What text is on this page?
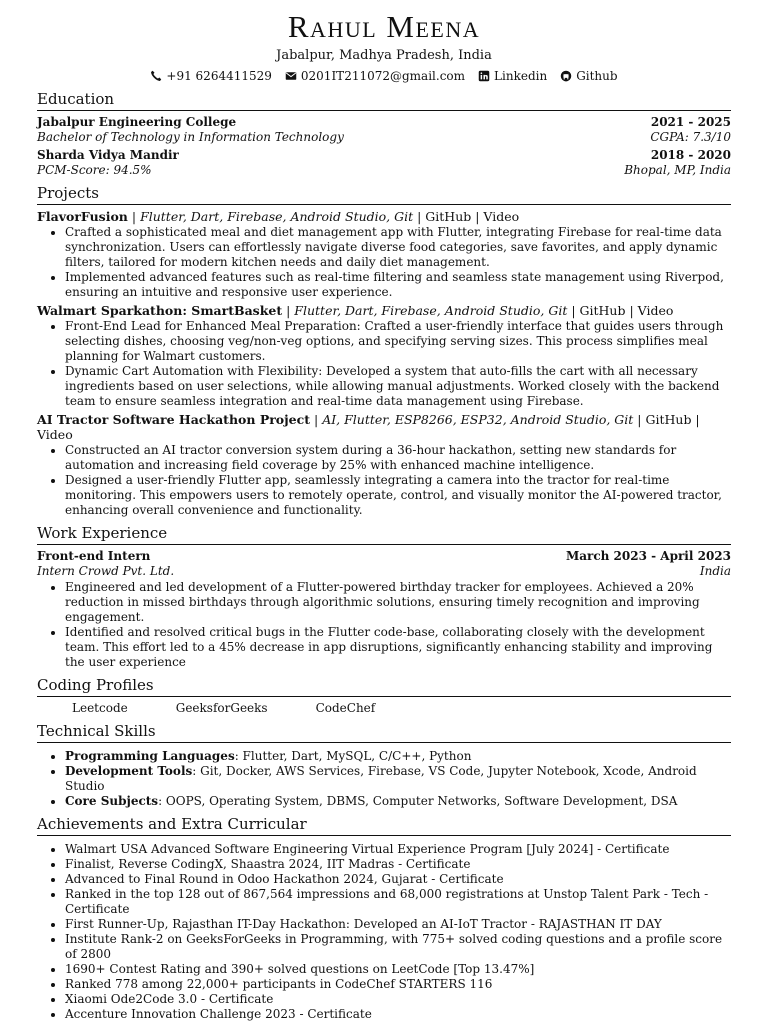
Rahul Meena
Jabalpur, Madhya Pradesh, India
+91 6264411529 0201IT211072@gmail.com Linkedin Github
Education
Jabalpur Engineering College	2021 - 2025
Bachelor of Technology in Information Technology	CGPA: 7.3/10
Sharda Vidya Mandir	2018 - 2020
PCM-Score: 94.5%	Bhopal, MP, India
Projects
FlavorFusion | Flutter, Dart, Firebase, Android Studio, Git | GitHub | Video
• Crafted a sophisticated meal and diet management app with Flutter, integrating Firebase for real-time data synchronization. Users can effortlessly navigate diverse food categories, save favorites, and apply dynamic filters, tailored for modern kitchen needs and daily diet management.
• Implemented advanced features such as real-time filtering and seamless state management using Riverpod, ensuring an intuitive and responsive user experience.
Walmart Sparkathon: SmartBasket | Flutter, Dart, Firebase, Android Studio, Git | GitHub | Video
• Front-End Lead for Enhanced Meal Preparation: Crafted a user-friendly interface that guides users through selecting dishes, choosing veg/non-veg options, and specifying serving sizes. This process simplifies meal planning for Walmart customers.
• Dynamic Cart Automation with Flexibility: Developed a system that auto-fills the cart with all necessary ingredients based on user selections, while allowing manual adjustments. Worked closely with the backend team to ensure seamless integration and real-time data management using Firebase.
AI Tractor Software Hackathon Project | AI, Flutter, ESP8266, ESP32, Android Studio, Git | GitHub | Video
• Constructed an AI tractor conversion system during a 36-hour hackathon, setting new standards for automation and increasing field coverage by 25% with enhanced machine intelligence.
• Designed a user-friendly Flutter app, seamlessly integrating a camera into the tractor for real-time monitoring. This empowers users to remotely operate, control, and visually monitor the AI-powered tractor, enhancing overall convenience and functionality.
Work Experience
Front-end Intern	March 2023 - April 2023
Intern Crowd Pvt. Ltd.	India
• Engineered and led development of a Flutter-powered birthday tracker for employees. Achieved a 20% reduction in missed birthdays through algorithmic solutions, ensuring timely recognition and improving engagement.
• Identified and resolved critical bugs in the Flutter code-base, collaborating closely with the development team. This effort led to a 45% decrease in app disruptions, significantly enhancing stability and improving the user experience
Coding Profiles
Leetcode	GeeksforGeeks	CodeChef
Technical Skills
• Programming Languages: Flutter, Dart, MySQL, C/C++, Python
• Development Tools: Git, Docker, AWS Services, Firebase, VS Code, Jupyter Notebook, Xcode, Android Studio
• Core Subjects: OOPS, Operating System, DBMS, Computer Networks, Software Development, DSA
Achievements and Extra Curricular
• Walmart USA Advanced Software Engineering Virtual Experience Program [July 2024] - Certificate
• Finalist, Reverse CodingX, Shaastra 2024, IIT Madras - Certificate
• Advanced to Final Round in Odoo Hackathon 2024, Gujarat - Certificate
• Ranked in the top 128 out of 867,564 impressions and 68,000 registrations at Unstop Talent Park - Tech - Certificate
• First Runner-Up, Rajasthan IT-Day Hackathon: Developed an AI-IoT Tractor - RAJASTHAN IT DAY
• Institute Rank-2 on GeeksForGeeks in Programming, with 775+ solved coding questions and a profile score of 2800
• 1690+ Contest Rating and 390+ solved questions on LeetCode [Top 13.47%]
• Ranked 778 among 22,000+ participants in CodeChef STARTERS 116
• Xiaomi Ode2Code 3.0 - Certificate
• Accenture Innovation Challenge 2023 - Certificate
